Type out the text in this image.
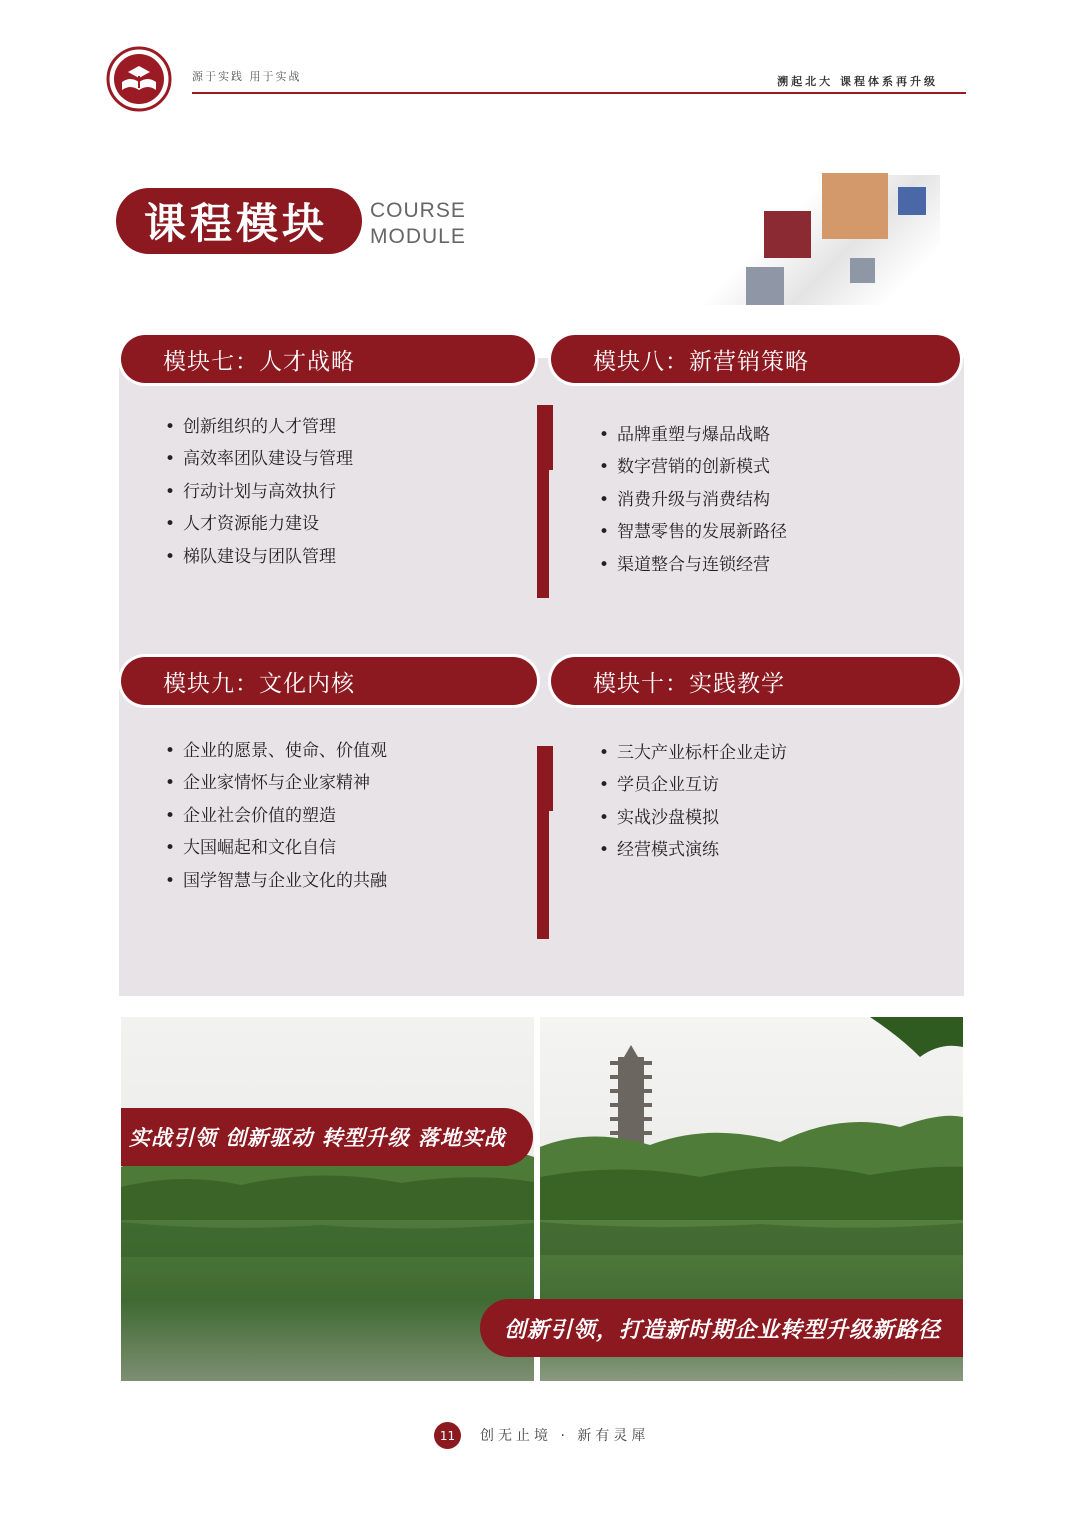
源于实践 用于实战	溯起北大 课程体系再升级
课程模块	COURSE
MODULE
模块七：人才战略
• 创新组织的人才管理
• 高效率团队建设与管理
• 行动计划与高效执行
• 人才资源能力建设
• 梯队建设与团队管理
模块八：新营销策略
• 品牌重塑与爆品战略
• 数字营销的创新模式
• 消费升级与消费结构
• 智慧零售的发展新路径
• 渠道整合与连锁经营
模块九：文化内核
• 企业的愿景、使命、价值观
• 企业家情怀与企业家精神
• 企业社会价值的塑造
• 大国崛起和文化自信
• 国学智慧与企业文化的共融
模块十：实践教学
• 三大产业标杆企业走访
• 学员企业互访
• 实战沙盘模拟
• 经营模式演练
实战引领 创新驱动 转型升级 落地实战
创新引领，打造新时期企业转型升级新路径
11	创无止境 · 新有灵犀
